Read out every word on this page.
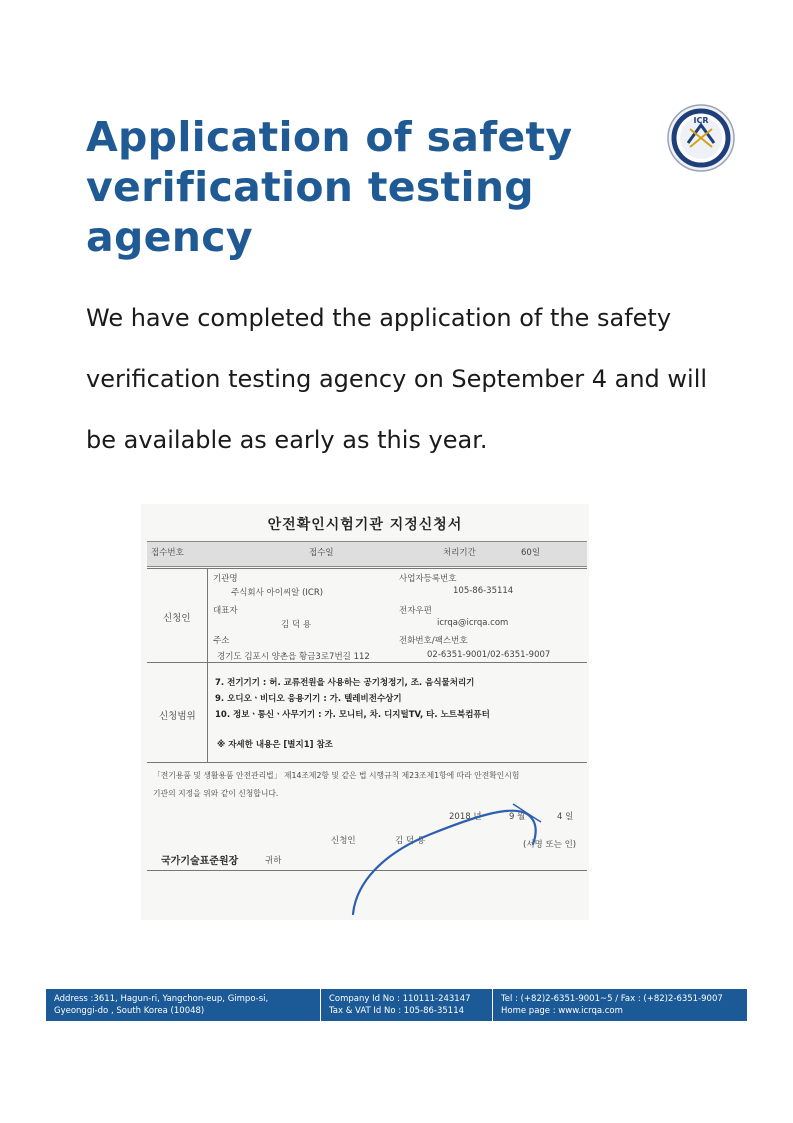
Application of safety
verification testing agency
ICR
We have completed the application of the safety
verification testing agency on September 4 and will
be available as early as this year.
안전확인시험기관 지정신청서
접수번호	접수일	처리기간	60일
신청인
기관명	사업자등록번호
주식회사 아이씨알 (ICR)	105-86-35114
대표자	전자우편
김 덕 용	icrqa@icrqa.com
주소	전화번호/팩스번호
경기도 김포시 양촌읍 황금3로7번길 112	02-6351-9001/02-6351-9007
신청범위
7. 전기기기 : 허. 교류전원을 사용하는 공기청정기, 조. 음식물처리기
9. 오디오ㆍ비디오 응용기기 : 가. 텔레비전수상기
10. 정보ㆍ통신ㆍ사무기기 : 가. 모니터, 차. 디지털TV, 타. 노트북컴퓨터
※ 자세한 내용은 [별지1] 참조
「전기용품 및 생활용품 안전관리법」 제14조제2항 및 같은 법 시행규칙 제23조제1항에 따라 안전확인시험
기관의 지정을 위와 같이 신청합니다.
2018 년	9 월	4 일
신청인	김 덕 용	(서명 또는 인)
국가기술표준원장	귀하
Address :3611, Hagun-ri, Yangchon-eup, Gimpo-si,
Gyeonggi-do , South Korea (10048)
Company Id No : 110111-243147
Tax & VAT Id No : 105-86-35114
Tel : (+82)2-6351-9001~5 / Fax : (+82)2-6351-9007
Home page : www.icrqa.com
